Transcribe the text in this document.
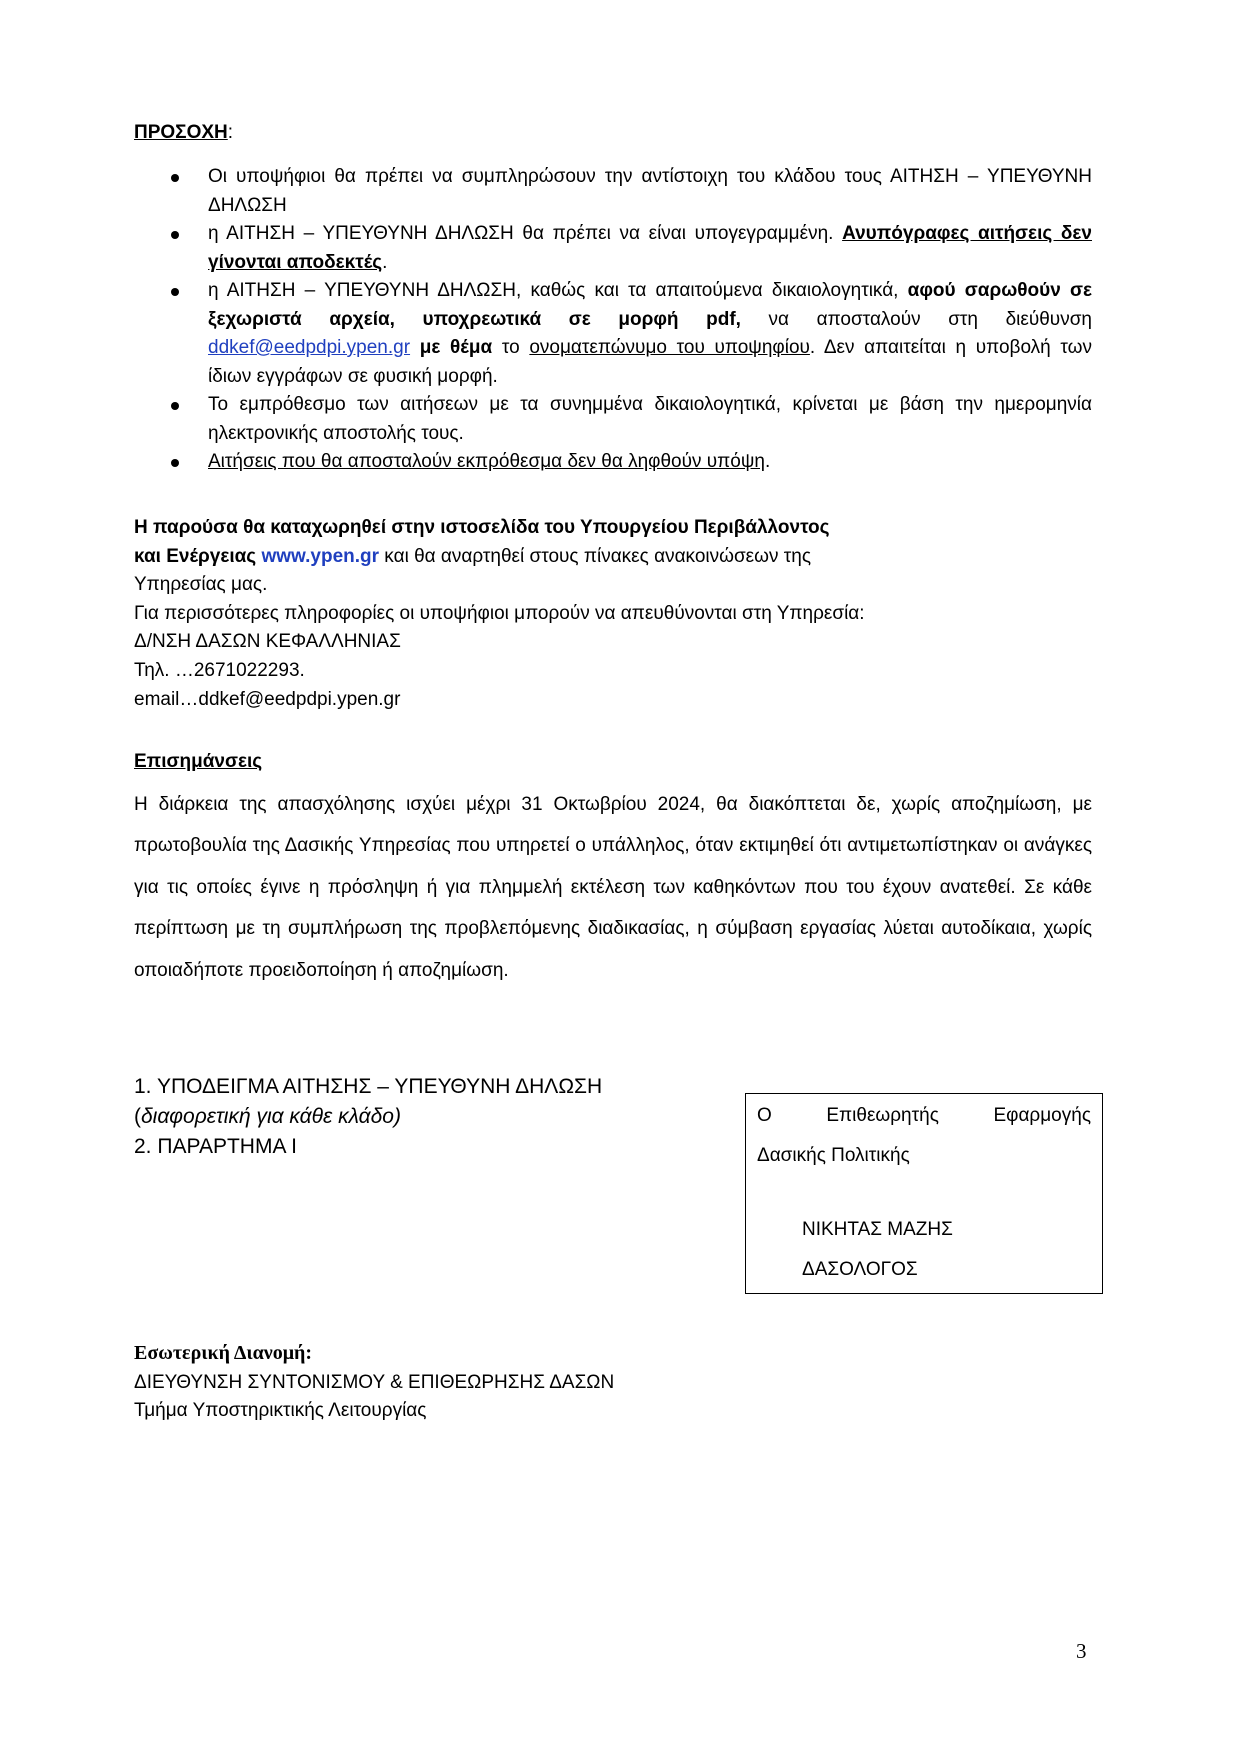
ΠΡΟΣΟΧΗ:

Οι υποψήφιοι θα πρέπει να συμπληρώσουν την αντίστοιχη του κλάδου τους ΑΙΤΗΣΗ – ΥΠΕΥΘΥΝΗ ΔΗΛΩΣΗ
η ΑΙΤΗΣΗ – ΥΠΕΥΘΥΝΗ ΔΗΛΩΣΗ θα πρέπει να είναι υπογεγραμμένη. Ανυπόγραφες αιτήσεις δεν γίνονται αποδεκτές.
η ΑΙΤΗΣΗ – ΥΠΕΥΘΥΝΗ ΔΗΛΩΣΗ, καθώς και τα απαιτούμενα δικαιολογητικά, αφού σαρωθούν σε ξεχωριστά αρχεία, υποχρεωτικά σε μορφή pdf, να αποσταλούν στη διεύθυνση ddkef@eedpdpi.ypen.gr με θέμα το ονοματεπώνυμο του υποψηφίου. Δεν απαιτείται η υποβολή των ίδιων εγγράφων σε φυσική μορφή.
Το εμπρόθεσμο των αιτήσεων με τα συνημμένα δικαιολογητικά, κρίνεται με βάση την ημερομηνία ηλεκτρονικής αποστολής τους.
Αιτήσεις που θα αποσταλούν εκπρόθεσμα δεν θα ληφθούν υπόψη.

Η παρούσα θα καταχωρηθεί στην ιστοσελίδα του Υπουργείου Περιβάλλοντος

και Ενέργειας www.ypen.gr και θα αναρτηθεί στους πίνακες ανακοινώσεων της

Υπηρεσίας μας.

Για περισσότερες πληροφορίες οι υποψήφιοι μπορούν να απευθύνονται στη Υπηρεσία:

Δ/ΝΣΗ ΔΑΣΩΝ ΚΕΦΑΛΛΗΝΙΑΣ

Τηλ. …2671022293.

email…ddkef@eedpdpi.ypen.gr

Επισημάνσεις

Η διάρκεια της απασχόλησης ισχύει μέχρι 31 Οκτωβρίου 2024, θα διακόπτεται δε, χωρίς αποζημίωση, με πρωτοβουλία της Δασικής Υπηρεσίας που υπηρετεί ο υπάλληλος, όταν εκτιμηθεί ότι αντιμετωπίστηκαν οι ανάγκες για τις οποίες έγινε η πρόσληψη ή για πλημμελή εκτέλεση των καθηκόντων που του έχουν ανατεθεί. Σε κάθε περίπτωση με τη συμπλήρωση της προβλεπόμενης διαδικασίας, η σύμβαση εργασίας λύεται αυτοδίκαια, χωρίς οποιαδήποτε προειδοποίηση ή αποζημίωση.

1. ΥΠΟΔΕΙΓΜΑ ΑΙΤΗΣΗΣ – ΥΠΕΥΘΥΝΗ ΔΗΛΩΣΗ

(διαφορετική για κάθε κλάδο)

2. ΠΑΡΑΡΤΗΜΑ Ι

Ο	Επιθεωρητής	Εφαρμογής
Δασικής Πολιτικής
ΝΙΚΗΤΑΣ ΜΑΖΗΣ
ΔΑΣΟΛΟΓΟΣ

Εσωτερική Διανομή:

ΔΙΕΥΘΥΝΣΗ ΣΥΝΤΟΝΙΣΜΟΥ & ΕΠΙΘΕΩΡΗΣΗΣ ΔΑΣΩΝ

Τμήμα Υποστηρικτικής Λειτουργίας

3
